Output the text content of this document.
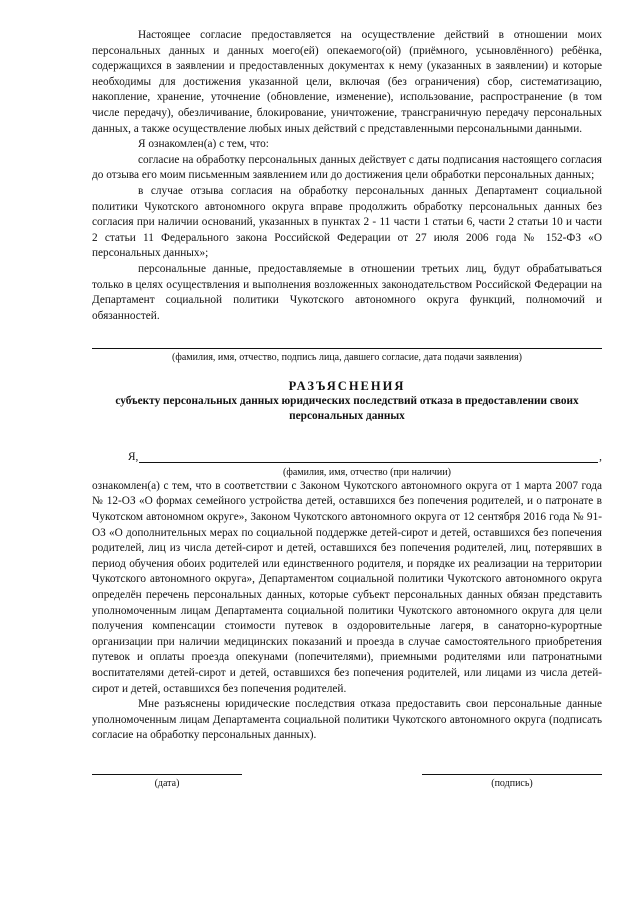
Настоящее согласие предоставляется на осуществление действий в отношении моих персональных данных и данных моего(ей) опекаемого(ой) (приёмного, усыновлённого) ребёнка, содержащихся в заявлении и предоставленных документах к нему (указанных в заявлении) и которые необходимы для достижения указанной цели, включая (без ограничения) сбор, систематизацию, накопление, хранение, уточнение (обновление, изменение), использование, распространение (в том числе передачу), обезличивание, блокирование, уничтожение, трансграничную передачу персональных данных, а также осуществление любых иных действий с представленными персональными данными.

Я ознакомлен(а) с тем, что:

согласие на обработку персональных данных действует с даты подписания настоящего согласия до отзыва его моим письменным заявлением или до достижения цели обработки персональных данных;

в случае отзыва согласия на обработку персональных данных Департамент социальной политики Чукотского автономного округа вправе продолжить обработку персональных данных без согласия при наличии оснований, указанных в пунктах 2 - 11 части 1 статьи 6, части 2 статьи 10 и части 2 статьи 11 Федерального закона Российской Федерации от 27 июля 2006 года № 152-ФЗ «О персональных данных»;

персональные данные, предоставляемые в отношении третьих лиц, будут обрабатываться только в целях осуществления и выполнения возложенных законодательством Российской Федерации на Департамент социальной политики Чукотского автономного округа функций, полномочий и обязанностей.

(фамилия, имя, отчество, подпись лица, давшего согласие, дата подачи заявления)
РАЗЪЯСНЕНИЯ
субъекту персональных данных юридических последствий отказа в предоставлении своих персональных данных
Я,	,
(фамилия, имя, отчество (при наличии)

ознакомлен(а) с тем, что в соответствии с Законом Чукотского автономного округа от 1 марта 2007 года № 12-ОЗ «О формах семейного устройства детей, оставшихся без попечения родителей, и о патронате в Чукотском автономном округе», Законом Чукотского автономного округа от 12 сентября 2016 года № 91-ОЗ «О дополнительных мерах по социальной поддержке детей-сирот и детей, оставшихся без попечения родителей, лиц из числа детей-сирот и детей, оставшихся без попечения родителей, лиц, потерявших в период обучения обоих родителей или единственного родителя, и порядке их реализации на территории Чукотского автономного округа», Департаментом социальной политики Чукотского автономного округа определён перечень персональных данных, которые субъект персональных данных обязан представить уполномоченным лицам Департамента социальной политики Чукотского автономного округа для цели получения компенсации стоимости путевок в оздоровительные лагеря, в санаторно-курортные организации при наличии медицинских показаний и проезда в случае самостоятельного приобретения путевок и оплаты проезда опекунами (попечителями), приемными родителями или патронатными воспитателями детей-сирот и детей, оставшихся без попечения родителей, или лицами из числа детей-сирот и детей, оставшихся без попечения родителей.

Мне разъяснены юридические последствия отказа предоставить свои персональные данные уполномоченным лицам Департамента социальной политики Чукотского автономного округа (подписать согласие на обработку персональных данных).

(дата)	(подпись)
